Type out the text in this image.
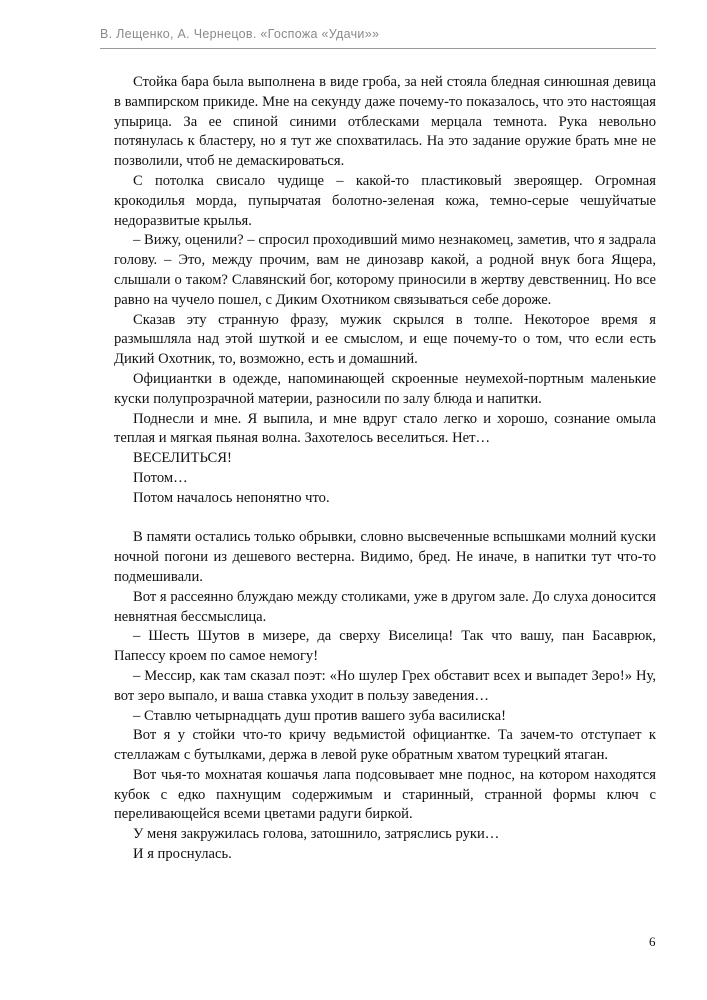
В. Лещенко, А. Чернецов. «Госпожа «Удачи»»

Стойка бара была выполнена в виде гроба, за ней стояла бледная синюшная девица в вампирском прикиде. Мне на секунду даже почему-то показалось, что это настоящая упырица. За ее спиной синими отблесками мерцала темнота. Рука невольно потянулась к бластеру, но я тут же спохватилась. На это задание оружие брать мне не позволили, чтоб не демаскироваться.

С потолка свисало чудище – какой-то пластиковый звероящер. Огромная крокодилья морда, пупырчатая болотно-зеленая кожа, темно-серые чешуйчатые недоразвитые крылья.

– Вижу, оценили? – спросил проходивший мимо незнакомец, заметив, что я задрала голову. – Это, между прочим, вам не динозавр какой, а родной внук бога Ящера, слышали о таком? Славянский бог, которому приносили в жертву девственниц. Но все равно на чучело пошел, с Диким Охотником связываться себе дороже.

Сказав эту странную фразу, мужик скрылся в толпе. Некоторое время я размышляла над этой шуткой и ее смыслом, и еще почему-то о том, что если есть Дикий Охотник, то, возможно, есть и домашний.

Официантки в одежде, напоминающей скроенные неумехой-портным маленькие куски полупрозрачной материи, разносили по залу блюда и напитки.

Поднесли и мне. Я выпила, и мне вдруг стало легко и хорошо, сознание омыла теплая и мягкая пьяная волна. Захотелось веселиться. Нет…

ВЕСЕЛИТЬСЯ!

Потом…

Потом началось непонятно что.

В памяти остались только обрывки, словно высвеченные вспышками молний куски ночной погони из дешевого вестерна. Видимо, бред. Не иначе, в напитки тут что-то подмешивали.

Вот я рассеянно блуждаю между столиками, уже в другом зале. До слуха доносится невнятная бессмыслица.

– Шесть Шутов в мизере, да сверху Виселица! Так что вашу, пан Басаврюк, Папессу кроем по самое немогу!

– Мессир, как там сказал поэт: «Но шулер Грех обставит всех и выпадет Зеро!» Ну, вот зеро выпало, и ваша ставка уходит в пользу заведения…

– Ставлю четырнадцать душ против вашего зуба василиска!

Вот я у стойки что-то кричу ведьмистой официантке. Та зачем-то отступает к стеллажам с бутылками, держа в левой руке обратным хватом турецкий ятаган.

Вот чья-то мохнатая кошачья лапа подсовывает мне поднос, на котором находятся кубок с едко пахнущим содержимым и старинный, странной формы ключ с переливающейся всеми цветами радуги биркой.

У меня закружилась голова, затошнило, затряслись руки…

И я проснулась.

6
